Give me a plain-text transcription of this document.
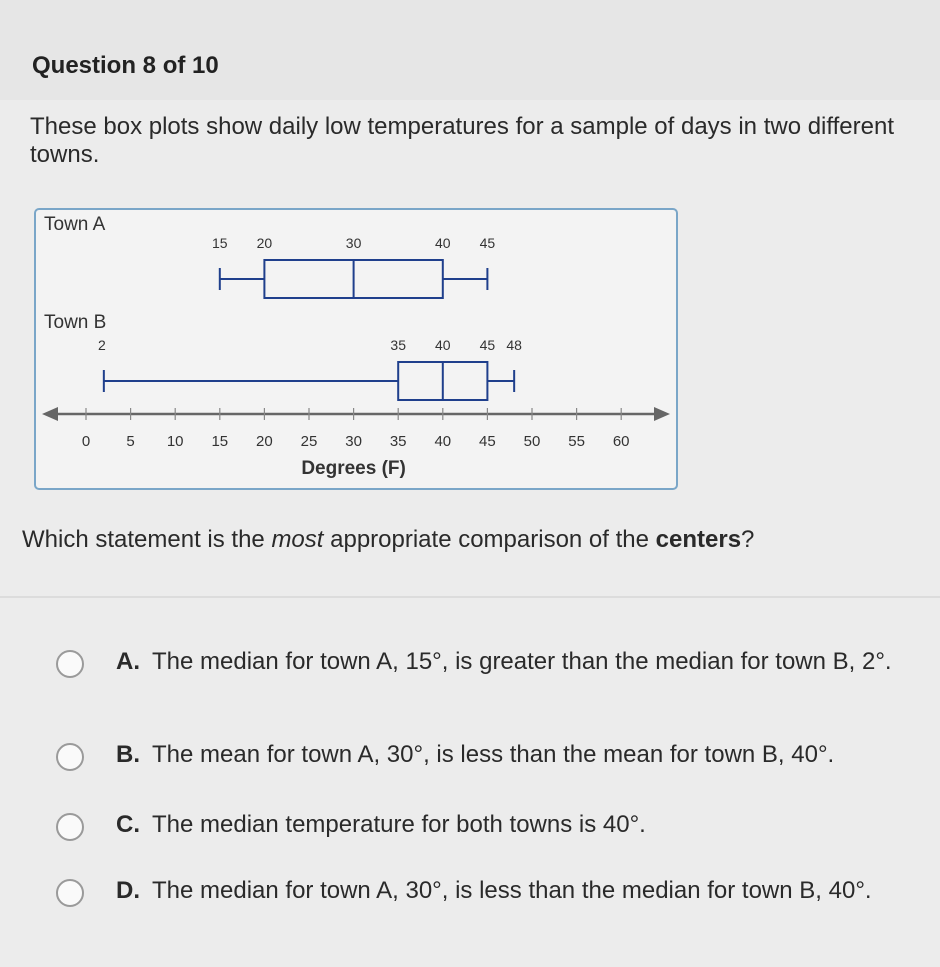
Question 8 of 10
These box plots show daily low temperatures for a sample of days in two different towns.
0 5 10 15 20 25 30 35 40 45 50 55 60
Degrees (F)
Town A
15 20	30	40 45
Town B
2	35 40 45 48
Which statement is the most appropriate comparison of the centers?
A. The median for town A, 15°, is greater than the median for town B, 2°.
B. The mean for town A, 30°, is less than the mean for town B, 40°.
C. The median temperature for both towns is 40°.
D. The median for town A, 30°, is less than the median for town B, 40°.
